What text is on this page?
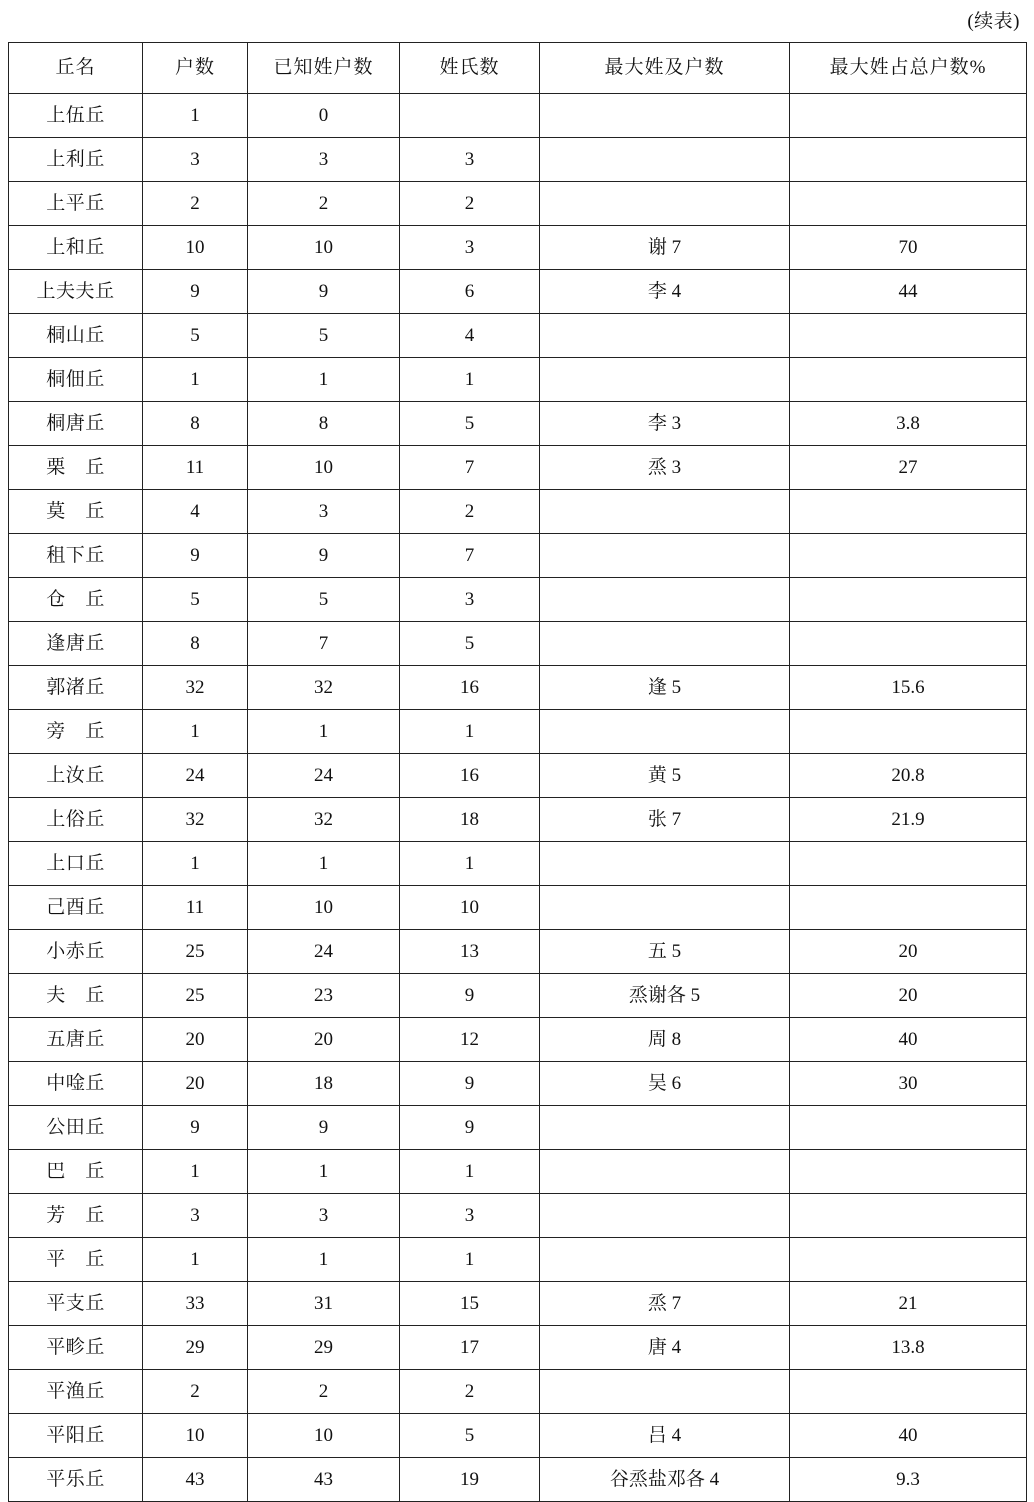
(续表)
丘名	户数	已知姓户数	姓氏数	最大姓及户数	最大姓占总户数%
上伍丘	1	0			
上利丘	3	3	3		
上平丘	2	2	2		
上和丘	10	10	3	谢 7	70
上夫夫丘	9	9	6	李 4	44
桐山丘	5	5	4		
桐佃丘	1	1	1		
桐唐丘	8	8	5	李 3	3.8
栗　丘	11	10	7	烝 3	27
莫　丘	4	3	2		
租下丘	9	9	7		
仓　丘	5	5	3		
逢唐丘	8	7	5		
郭渚丘	32	32	16	逢 5	15.6
旁　丘	1	1	1		
上汝丘	24	24	16	黄 5	20.8
上俗丘	32	32	18	张 7	21.9
上口丘	1	1	1		
己酉丘	11	10	10		
小赤丘	25	24	13	五 5	20
夫　丘	25	23	9	烝谢各 5	20
五唐丘	20	20	12	周 8	40
中唫丘	20	18	9	吴 6	30
公田丘	9	9	9		
巴　丘	1	1	1		
芳　丘	3	3	3		
平　丘	1	1	1		
平支丘	33	31	15	烝 7	21
平畛丘	29	29	17	唐 4	13.8
平渔丘	2	2	2		
平阳丘	10	10	5	吕 4	40
平乐丘	43	43	19	谷烝盐邓各 4	9.3
